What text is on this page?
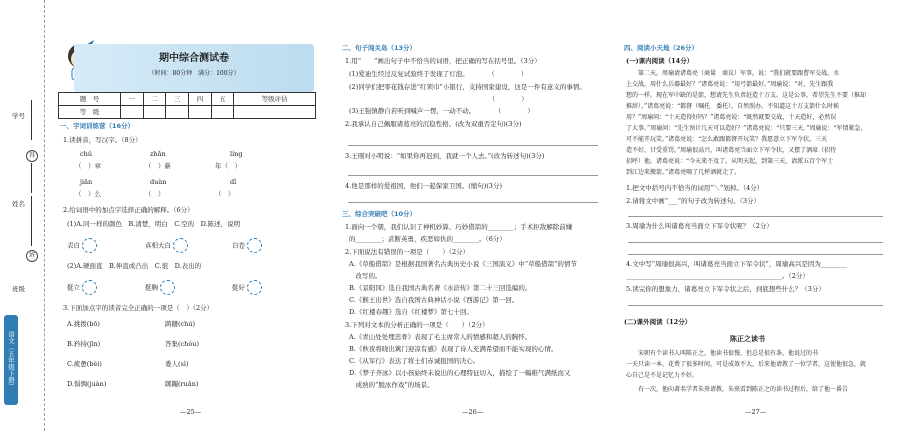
学号
得
姓名
班
班级
语文（五年级下册）
期中综合测试卷
（时间：80分钟　满分：100分）
题　号	一	二	三	四	五	等级评估
等　级						
一、字词训练营（16分）
1.读拼音，写汉字。（8分）
chǔ	zhǎn	líng
（　）章	（　）新	年（　）
jiǎn	duàn	dǐ
（　）么	（　）	（　）
2.给词语中的加点字选择正确的解释。（6分）
(1)A.同一样的颜色　B.清楚，明白　C.空的　D.陈述，说明
表白	真相大白	白卷
(2)A.硬面直　B.伸直或凸出　C.很　D.表出的
挺立	挺胸	挺好
3.下面加点字的读音完全正确的一项是（　）（2分）
A.挑拨(bō)	踌躇(chú)
B.矜持(jīn)	答集(chóu)
C.疲惫(bèi)	委人(sì)
D.惧惆(juàn)	踯躅(ruǎn)
—25—
二、句子闯关岛（13分）
1.用“　　”画出句子中不恰当的词语，把正确的写在括号里。（3分）
(1)爱迪生经过反复试验终于发现了灯泡。　　　　（　　　　）
(2)同学们把零花钱存进“红领巾”小银行，支持国家建设，这是一件有意义的事情。
　　　　　　　　　　　　　　　　　　　　　　（　　　　）
(3)王强镇静自若听到喊声一愣，一动不动。　　　　（　　　　）
2.我承认自己佩服诸葛亮的沉稳性格。(改为双重否定句)(3分)
3.王刚对小明说：“如果你再迟到，我就一个人去。”(改为转述句)(3分)
4.他是那样的爱祖国，他们一起保家卫国。(缩句)(3分)
三、综合突破吧（10分）
1.面向一个朝，我们认识了神机妙算、巧妙借箭的________；手术拒敌解除前嫌
的________；武断英勇，疾恶如仇的________。（6分）
2.下面说法有错误的一项是（　　）（2分）
A.《草船借箭》是根据我国著名古典历史小说《三国演义》中“草船借箭”的情节
　改写的。
B.《景阳冈》选自我国古典名著《水浒传》第二十三回选编的。
C.《猴王出世》选自我国古典神话小说《西游记》第一回。
D.《红楼春趣》选自《红楼梦》第七十回。
3.下列对文本的分析正确的一项是（　　）（2分）
A.《青山处处埋忠骨》表现了毛主席常人的情感和超人的胸怀。
B.《秋夜将晓出篱门迎凉有感》表现了诗人充满希望而不能实现的心情。
C.《从军行》表达了将士们赤诚报国的决心。
D.《梦子齐冰》以小孩始终未说出的心理特征切入，描绘了一幅稚气满纸而又
　成熟的“脱冰作戏”的场景。
—26—
四、阅读小天地（26分）
(一)课内阅读（14分）
　　第二天，周瑜请诸葛亮（商量　商议）军事，说：“我们就要跟曹军交战。水
上交战，用什么兵器最好？”诸葛亮说：“用弓箭最好。”周瑜说：“对，先生跟我
想的一样。现在军中缺的是箭，想请先生负责赶造十万支。这是公事，希望先生不要（推却
推辞）。”诸葛亮说：“都督（嘱托　委托），自然照办。不知道这十万支箭什么时候
用？”周瑜问：“十天造得好吗？”诸葛亮说：“既然就要交战，十天造好，必然误
了大事。”周瑜问：“先生预计几天可以造好？”诸葛亮说：“只要三天。”周瑜说：“军情紧急，
可不能开玩笑。”诸葛亮说：“怎么敢跟都督开玩笑？我愿意立下军令状，三天
造不好，甘受重罚。”周瑜很高兴，叫诸葛亮当面立下军令状，又摆了酒席（招待
招呼）他。诸葛亮说：“今天来不及了。从明天起，到第三天，请派五百个军士
到江边来搬箭。”诸葛亮喝了几杯酒就走了。
1.把文中括号内不恰当的词用“＼”划掉。（4分）
2.请将文中画“___”的句子改为转述句。（3分）
3.周瑜为什么叫诸葛亮当面立下军令状呢？（2分）
4.文中写“周瑜很高兴，叫诸葛亮当面立下军令状”，周瑜高兴是因为________
________________________________________________。（2分）
5.读完你的想象力，诸葛亮立下军令状之后，到底想些什么？（3分）
(二)课外阅读（12分）
陈正之读书
　　宋朝有个读书人叫陈正之，他读书很慢，但总是很有条，他说过的书
一天只读一本，花费了很多时间，可是成效不大，后来他请教了一位学者，这使他很急，就
心自己是不是记忆力不好。
　　有一次，他向著名学者朱熹请教。朱熹看到陈正之的读书过程后，给了他一番告
—27—
